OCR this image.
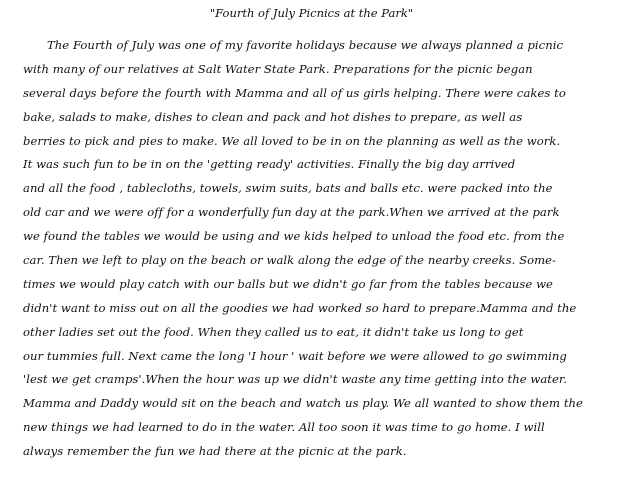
"Fourth of July Picnics at the Park"
The Fourth of July was one of my favorite holidays because we always planned a picnic
with many of our relatives at Salt Water State Park. Preparations for the picnic began
several days before the fourth with Mamma and all of us girls helping. There were cakes to
bake, salads to make, dishes to clean and pack and hot dishes to prepare, as well as
berries to pick and pies to make. We all loved to be in on the planning as well as the work.
It was such fun to be in on the 'getting ready' activities. Finally the big day arrived
and all the food , tablecloths, towels, swim suits, bats and balls etc. were packed into the
old car and we were off for a wonderfully fun day at the park.When we arrived at the park
we found the tables we would be using and we kids helped to unload the food etc. from the
car. Then we left to play on the beach or walk along the edge of the nearby creeks. Some-
times we would play catch with our balls but we didn't go far from the tables because we
didn't want to miss out on all the goodies we had worked so hard to prepare.Mamma and the
other ladies set out the food. When they called us to eat, it didn't take us long to get
our tummies full. Next came the long 'I hour ' wait before we were allowed to go swimming
'lest we get cramps'.When the hour was up we didn't waste any time getting into the water.
Mamma and Daddy would sit on the beach and watch us play. We all wanted to show them the
new things we had learned to do in the water. All too soon it was time to go home. I will
always remember the fun we had there at the picnic at the park.
